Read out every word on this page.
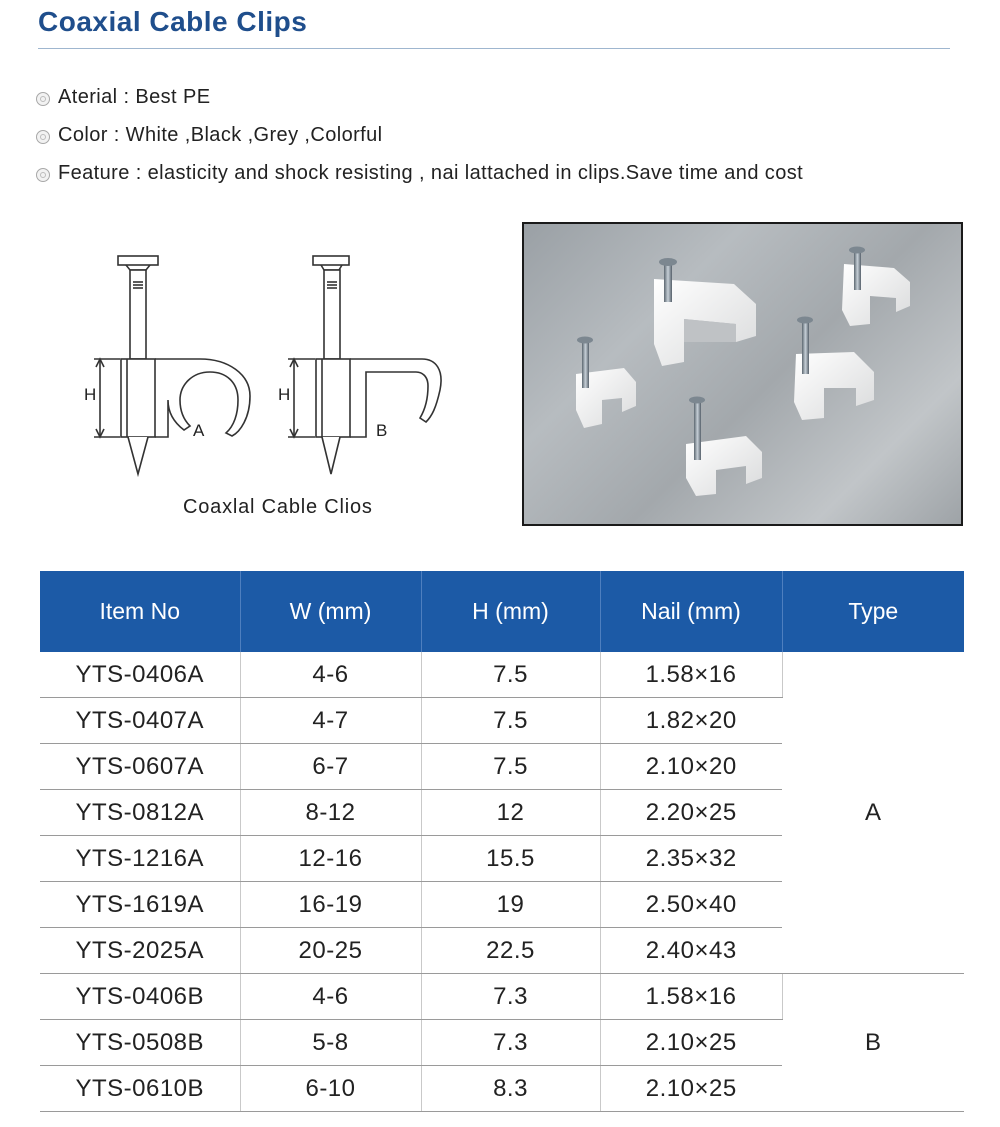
Coaxial Cable Clips
Aterial : Best PE
Color : White ,Black ,Grey ,Colorful
Feature : elasticity and shock resisting , nai lattached in clips.Save time and cost
H	H
A	B
Coaxlal Cable Clios
Item No	W (mm)	H (mm)	Nail (mm)	Type
YTS-0406A	4-6	7.5	1.58×16	A
YTS-0407A	4-7	7.5	1.82×20	
YTS-0607A	6-7	7.5	2.10×20	
YTS-0812A	8-12	12	2.20×25	
YTS-1216A	12-16	15.5	2.35×32	
YTS-1619A	16-19	19	2.50×40	
YTS-2025A	20-25	22.5	2.40×43	
YTS-0406B	4-6	7.3	1.58×16	B
YTS-0508B	5-8	7.3	2.10×25	
YTS-0610B	6-10	8.3	2.10×25	
